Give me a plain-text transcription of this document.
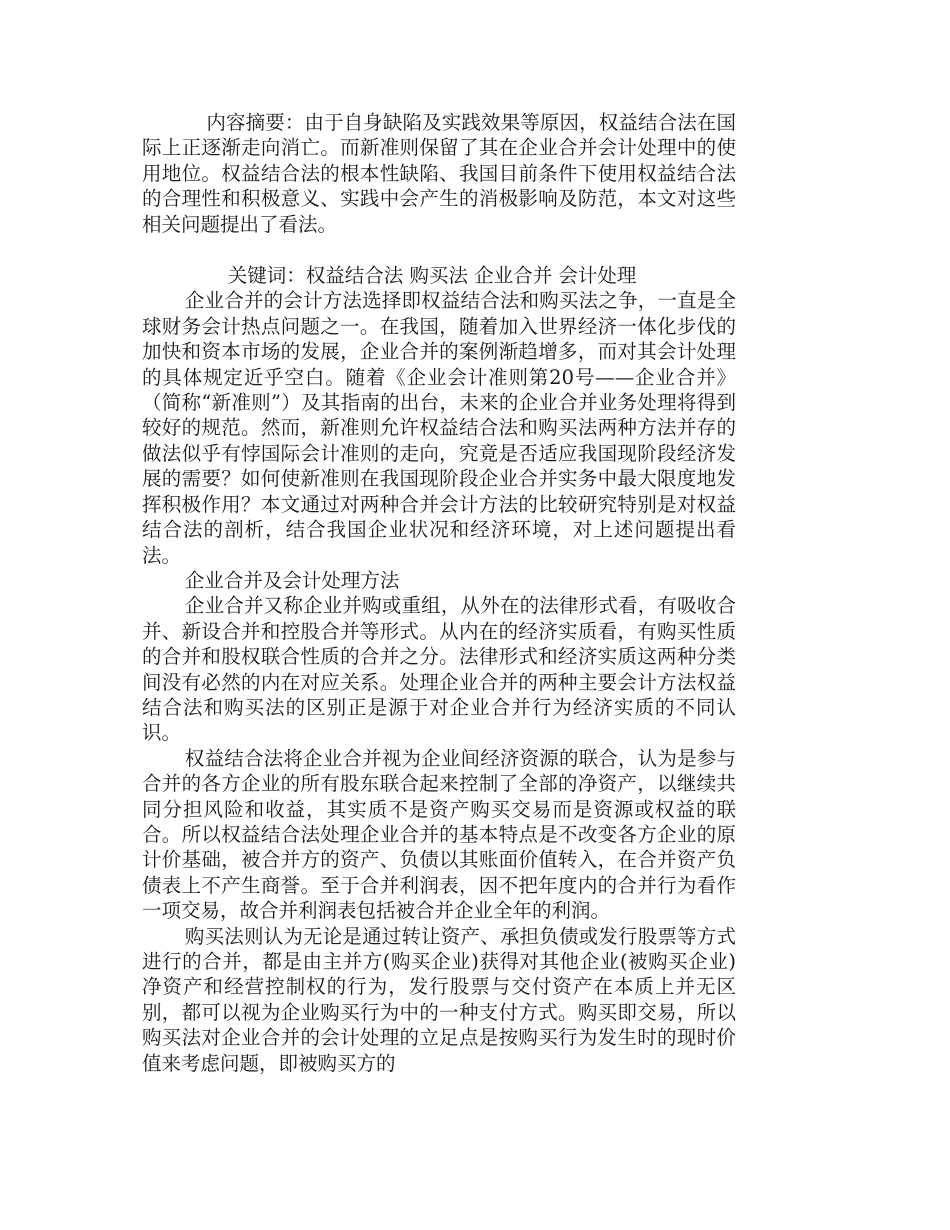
内容摘要：由于自身缺陷及实践效果等原因，权益结合法在国际上正逐渐走向消亡。而新准则保留了其在企业合并会计处理中的使用地位。权益结合法的根本性缺陷、我国目前条件下使用权益结合法的合理性和积极意义、实践中会产生的消极影响及防范，本文对这些相关问题提出了看法。

关键词：权益结合法 购买法 企业合并 会计处理

企业合并的会计方法选择即权益结合法和购买法之争，一直是全球财务会计热点问题之一。在我国，随着加入世界经济一体化步伐的加快和资本市场的发展，企业合并的案例渐趋增多，而对其会计处理的具体规定近乎空白。随着《企业会计准则第20号——企业合并》（简称“新准则”）及其指南的出台，未来的企业合并业务处理将得到较好的规范。然而，新准则允许权益结合法和购买法两种方法并存的做法似乎有悖国际会计准则的走向，究竟是否适应我国现阶段经济发展的需要？如何使新准则在我国现阶段企业合并实务中最大限度地发挥积极作用？本文通过对两种合并会计方法的比较研究特别是对权益结合法的剖析，结合我国企业状况和经济环境，对上述问题提出看法。

企业合并及会计处理方法

企业合并又称企业并购或重组，从外在的法律形式看，有吸收合并、新设合并和控股合并等形式。从内在的经济实质看，有购买性质的合并和股权联合性质的合并之分。法律形式和经济实质这两种分类间没有必然的内在对应关系。处理企业合并的两种主要会计方法权益结合法和购买法的区别正是源于对企业合并行为经济实质的不同认识。

权益结合法将企业合并视为企业间经济资源的联合，认为是参与合并的各方企业的所有股东联合起来控制了全部的净资产，以继续共同分担风险和收益，其实质不是资产购买交易而是资源或权益的联合。所以权益结合法处理企业合并的基本特点是不改变各方企业的原计价基础，被合并方的资产、负债以其账面价值转入，在合并资产负债表上不产生商誉。至于合并利润表，因不把年度内的合并行为看作一项交易，故合并利润表包括被合并企业全年的利润。

购买法则认为无论是通过转让资产、承担负债或发行股票等方式进行的合并，都是由主并方(购买企业)获得对其他企业(被购买企业)净资产和经营控制权的行为，发行股票与交付资产在本质上并无区别，都可以视为企业购买行为中的一种支付方式。购买即交易，所以购买法对企业合并的会计处理的立足点是按购买行为发生时的现时价值来考虑问题，即被购买方的
